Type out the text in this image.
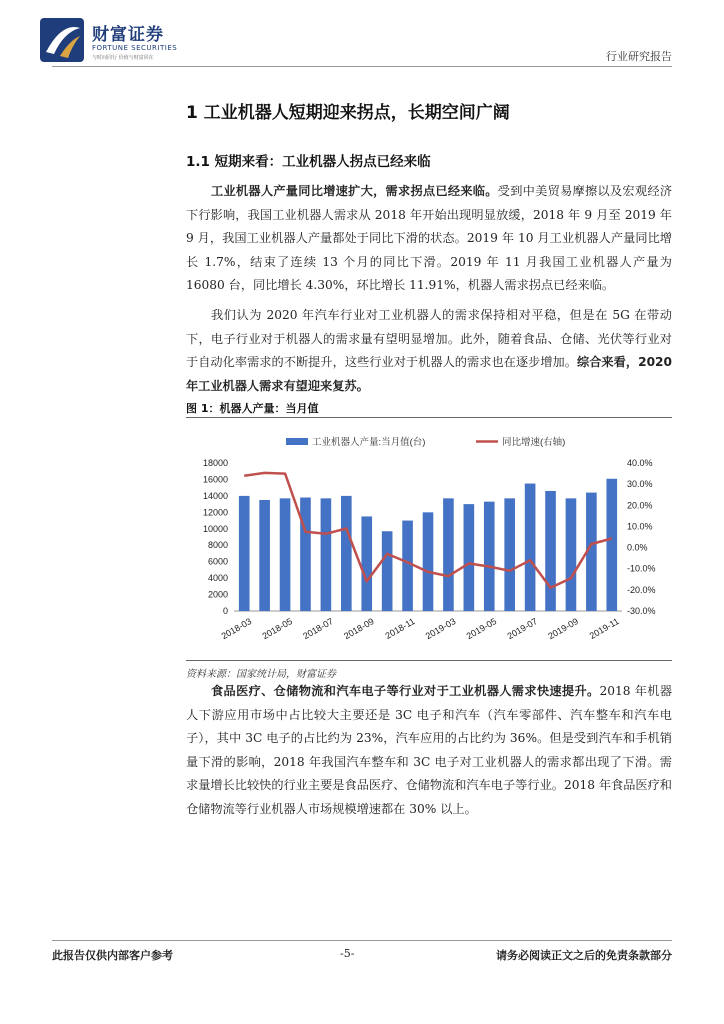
财富证券
FORTUNE SECURITIES
与时间同行 价值与财富同在	行业研究报告
1 工业机器人短期迎来拐点，长期空间广阔
1.1 短期来看：工业机器人拐点已经来临
工业机器人产量同比增速扩大，需求拐点已经来临。受到中美贸易摩擦以及宏观经济下行影响，我国工业机器人需求从 2018 年开始出现明显放缓，2018 年 9 月至 2019 年 9 月，我国工业机器人产量都处于同比下滑的状态。2019 年 10 月工业机器人产量同比增长 1.7%，结束了连续 13 个月的同比下滑。2019 年 11 月我国工业机器人产量为 16080 台，同比增长 4.30%，环比增长 11.91%，机器人需求拐点已经来临。
我们认为 2020 年汽车行业对工业机器人的需求保持相对平稳，但是在 5G 在带动下，电子行业对于机器人的需求量有望明显增加。此外，随着食品、仓储、光伏等行业对于自动化率需求的不断提升，这些行业对于机器人的需求也在逐步增加。综合来看，2020 年工业机器人需求有望迎来复苏。
图 1：机器人产量：当月值
工业机器人产量:当月值(台)	同比增速(右轴)
0
2000
4000
6000
8000
10000
12000
14000
16000
18000
-30.0%
-20.0%
-10.0%
0.0%
10.0%
20.0%
30.0%
40.0%
2018-03 2018-05 2018-07 2018-09 2018-11 2019-03 2019-05 2019-07 2019-09 2019-11
资料来源：国家统计局，财富证券
食品医疗、仓储物流和汽车电子等行业对于工业机器人需求快速提升。2018 年机器人下游应用市场中占比较大主要还是 3C 电子和汽车（汽车零部件、汽车整车和汽车电子），其中 3C 电子的占比约为 23%，汽车应用的占比约为 36%。但是受到汽车和手机销量下滑的影响，2018 年我国汽车整车和 3C 电子对工业机器人的需求都出现了下滑。需求量增长比较快的行业主要是食品医疗、仓储物流和汽车电子等行业。2018 年食品医疗和仓储物流等行业机器人市场规模增速都在 30% 以上。
此报告仅供内部客户参考	-5-	请务必阅读正文之后的免责条款部分
